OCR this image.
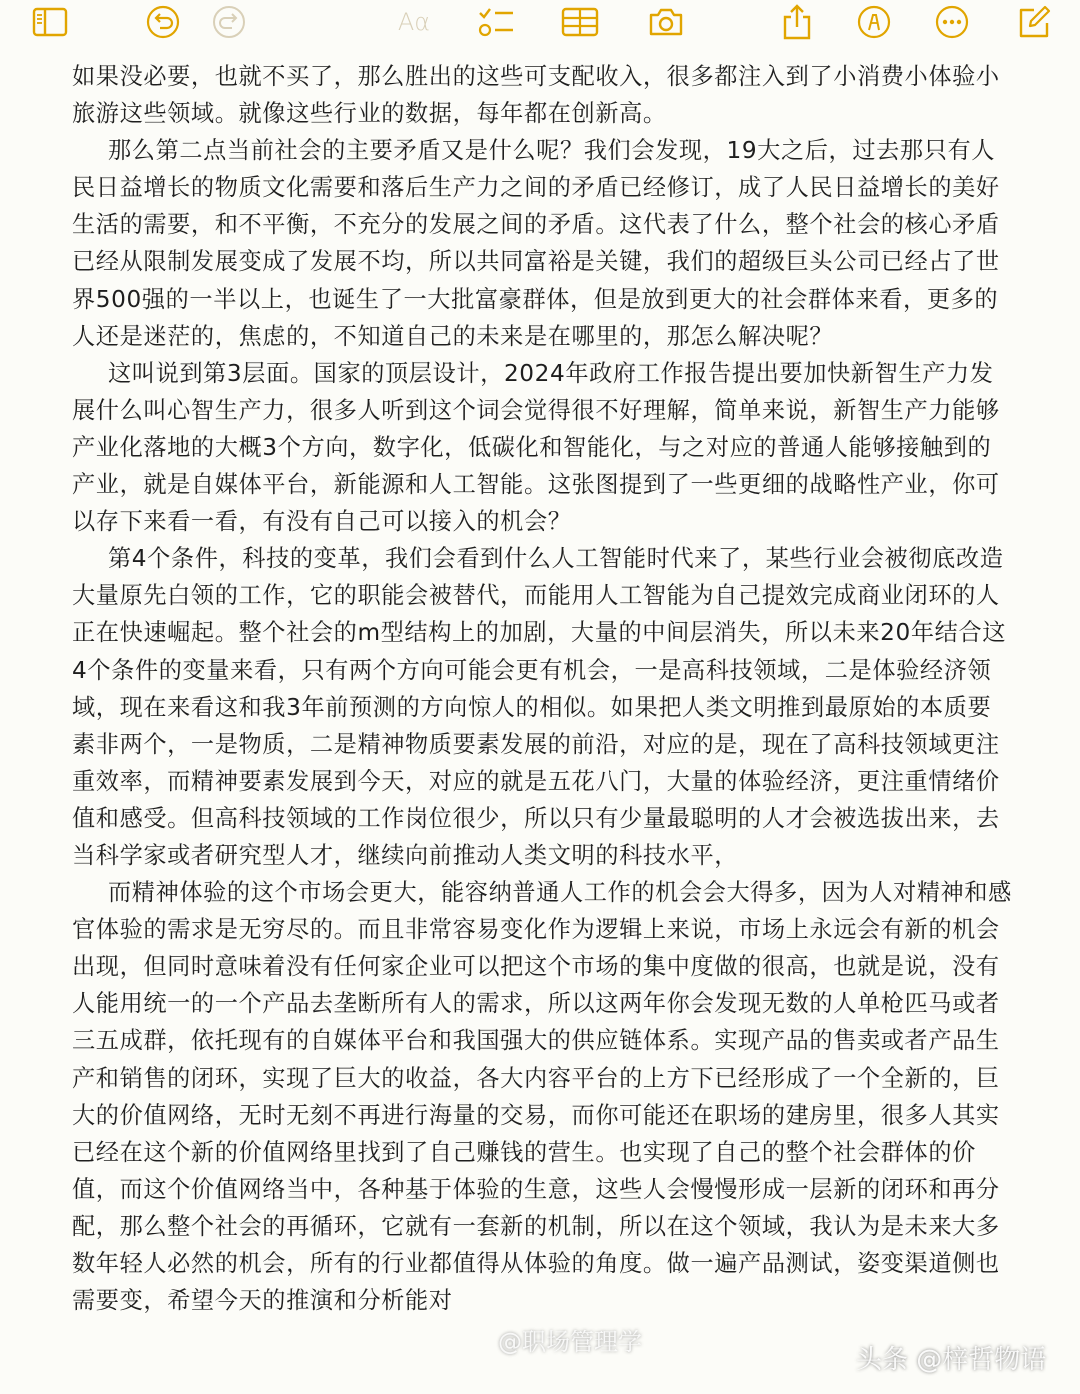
Aα

如果没必要，也就不买了，那么胜出的这些可支配收入，很多都注入到了小消费小体验小旅游这些领域。就像这些行业的数据，每年都在创新高。

那么第二点当前社会的主要矛盾又是什么呢？我们会发现，19大之后，过去那只有人民日益增长的物质文化需要和落后生产力之间的矛盾已经修订，成了人民日益增长的美好生活的需要，和不平衡，不充分的发展之间的矛盾。这代表了什么，整个社会的核心矛盾已经从限制发展变成了发展不均，所以共同富裕是关键，我们的超级巨头公司已经占了世界500强的一半以上，也诞生了一大批富豪群体，但是放到更大的社会群体来看，更多的人还是迷茫的，焦虑的，不知道自己的未来是在哪里的，那怎么解决呢？

这叫说到第3层面。国家的顶层设计，2024年政府工作报告提出要加快新智生产力发展什么叫心智生产力，很多人听到这个词会觉得很不好理解，简单来说，新智生产力能够产业化落地的大概3个方向，数字化，低碳化和智能化，与之对应的普通人能够接触到的产业，就是自媒体平台，新能源和人工智能。这张图提到了一些更细的战略性产业，你可以存下来看一看，有没有自己可以接入的机会？

第4个条件，科技的变革，我们会看到什么人工智能时代来了，某些行业会被彻底改造大量原先白领的工作，它的职能会被替代，而能用人工智能为自己提效完成商业闭环的人正在快速崛起。整个社会的m型结构上的加剧，大量的中间层消失，所以未来20年结合这4个条件的变量来看，只有两个方向可能会更有机会，一是高科技领域，二是体验经济领域，现在来看这和我3年前预测的方向惊人的相似。如果把人类文明推到最原始的本质要素非两个，一是物质，二是精神物质要素发展的前沿，对应的是，现在了高科技领域更注重效率，而精神要素发展到今天，对应的就是五花八门，大量的体验经济，更注重情绪价值和感受。但高科技领域的工作岗位很少，所以只有少量最聪明的人才会被选拔出来，去当科学家或者研究型人才，继续向前推动人类文明的科技水平，

而精神体验的这个市场会更大，能容纳普通人工作的机会会大得多，因为人对精神和感官体验的需求是无穷尽的。而且非常容易变化作为逻辑上来说，市场上永远会有新的机会出现，但同时意味着没有任何家企业可以把这个市场的集中度做的很高，也就是说，没有人能用统一的一个产品去垄断所有人的需求，所以这两年你会发现无数的人单枪匹马或者三五成群，依托现有的自媒体平台和我国强大的供应链体系。实现产品的售卖或者产品生产和销售的闭环，实现了巨大的收益，各大内容平台的上方下已经形成了一个全新的，巨大的价值网络，无时无刻不再进行海量的交易，而你可能还在职场的建房里，很多人其实已经在这个新的价值网络里找到了自己赚钱的营生。也实现了自己的整个社会群体的价值，而这个价值网络当中，各种基于体验的生意，这些人会慢慢形成一层新的闭环和再分配，那么整个社会的再循环，它就有一套新的机制，所以在这个领域，我认为是未来大多数年轻人必然的机会，所有的行业都值得从体验的角度。做一遍产品测试，姿变渠道侧也需要变，希望今天的推演和分析能对

@职场管理学
头条 @梓哲物语
